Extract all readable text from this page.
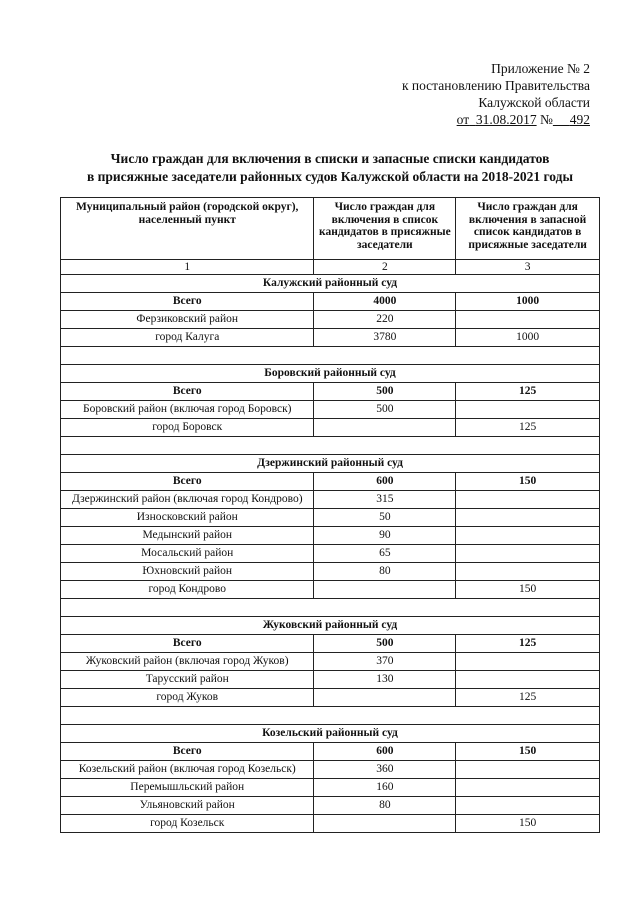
Приложение № 2
к постановлению Правительства
Калужской области
от 31.08.2017 № 492
Число граждан для включения в списки и запасные списки кандидатов
в присяжные заседатели районных судов Калужской области на 2018-2021 годы
Муниципальный район (городской округ), населенный пункт	Число граждан для включения в список кандидатов в присяжные заседатели	Число граждан для включения в запасной список кандидатов в присяжные заседатели
1	2	3
Калужский районный суд		
Всего	4000	1000
Ферзиковский район	220	
город Калуга	3780	1000

Боровский районный суд		
Всего	500	125
Боровский район (включая город Боровск)	500	
город Боровск		125

Дзержинский районный суд		
Всего	600	150
Дзержинский район (включая город Кондрово)	315	
Износковский район	50	
Медынский район	90	
Мосальский район	65	
Юхновский район	80	
город Кондрово		150

Жуковский районный суд		
Всего	500	125
Жуковский район (включая город Жуков)	370	
Тарусский район	130	
город Жуков		125

Козельский районный суд		
Всего	600	150
Козельский район (включая город Козельск)	360	
Перемышльский район	160	
Ульяновский район	80	
город Козельск		150
